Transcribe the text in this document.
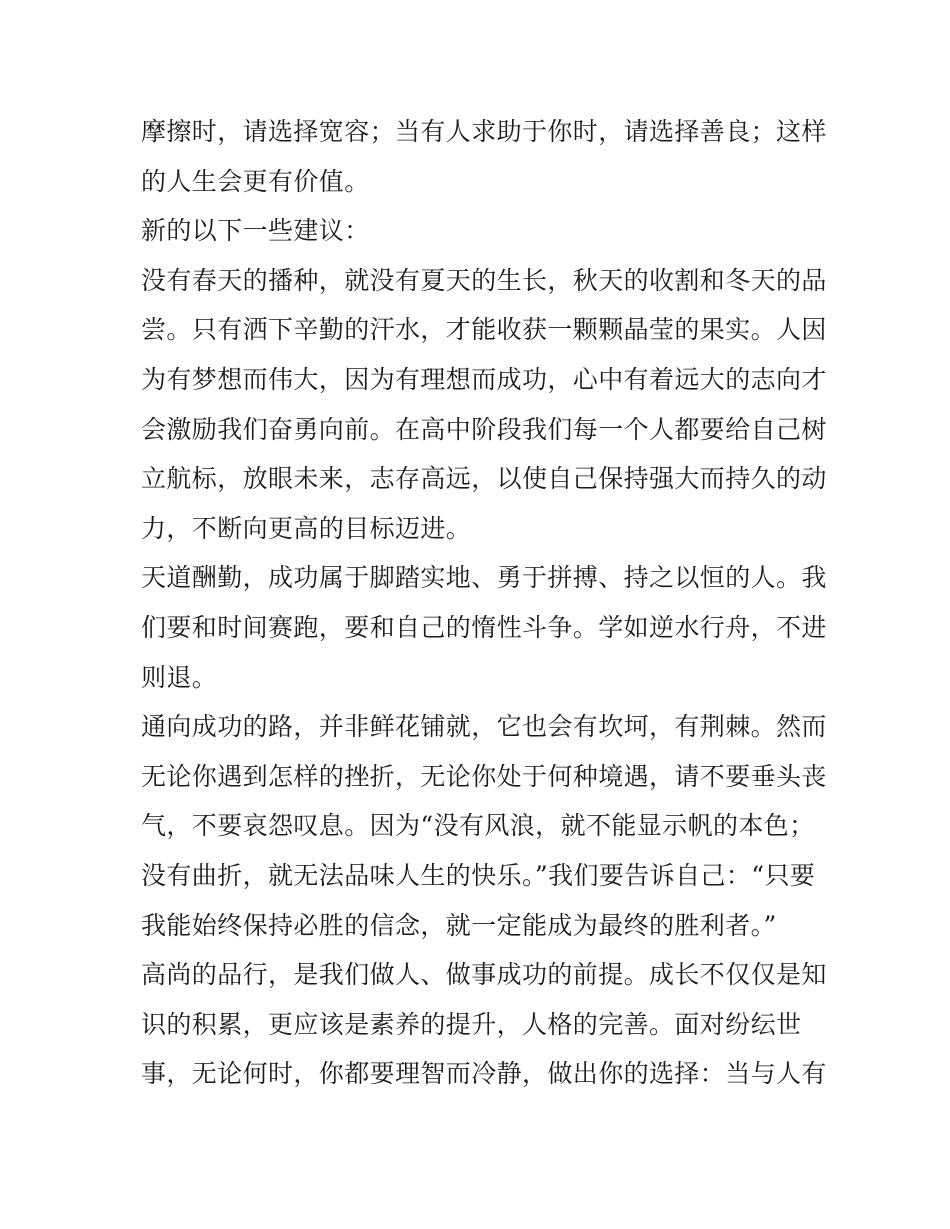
摩擦时，请选择宽容；当有人求助于你时，请选择善良；这样
的人生会更有价值。
新的以下一些建议：
没有春天的播种，就没有夏天的生长，秋天的收割和冬天的品
尝。只有洒下辛勤的汗水，才能收获一颗颗晶莹的果实。人因
为有梦想而伟大，因为有理想而成功，心中有着远大的志向才
会激励我们奋勇向前。在高中阶段我们每一个人都要给自己树
立航标，放眼未来，志存高远，以使自己保持强大而持久的动
力，不断向更高的目标迈进。
天道酬勤，成功属于脚踏实地、勇于拼搏、持之以恒的人。我
们要和时间赛跑，要和自己的惰性斗争。学如逆水行舟，不进
则退。
通向成功的路，并非鲜花铺就，它也会有坎坷，有荆棘。然而
无论你遇到怎样的挫折，无论你处于何种境遇，请不要垂头丧
气，不要哀怨叹息。因为“没有风浪，就不能显示帆的本色；
没有曲折，就无法品味人生的快乐。”我们要告诉自己：“只要
我能始终保持必胜的信念，就一定能成为最终的胜利者。”
高尚的品行，是我们做人、做事成功的前提。成长不仅仅是知
识的积累，更应该是素养的提升，人格的完善。面对纷纭世
事，无论何时，你都要理智而冷静，做出你的选择：当与人有
